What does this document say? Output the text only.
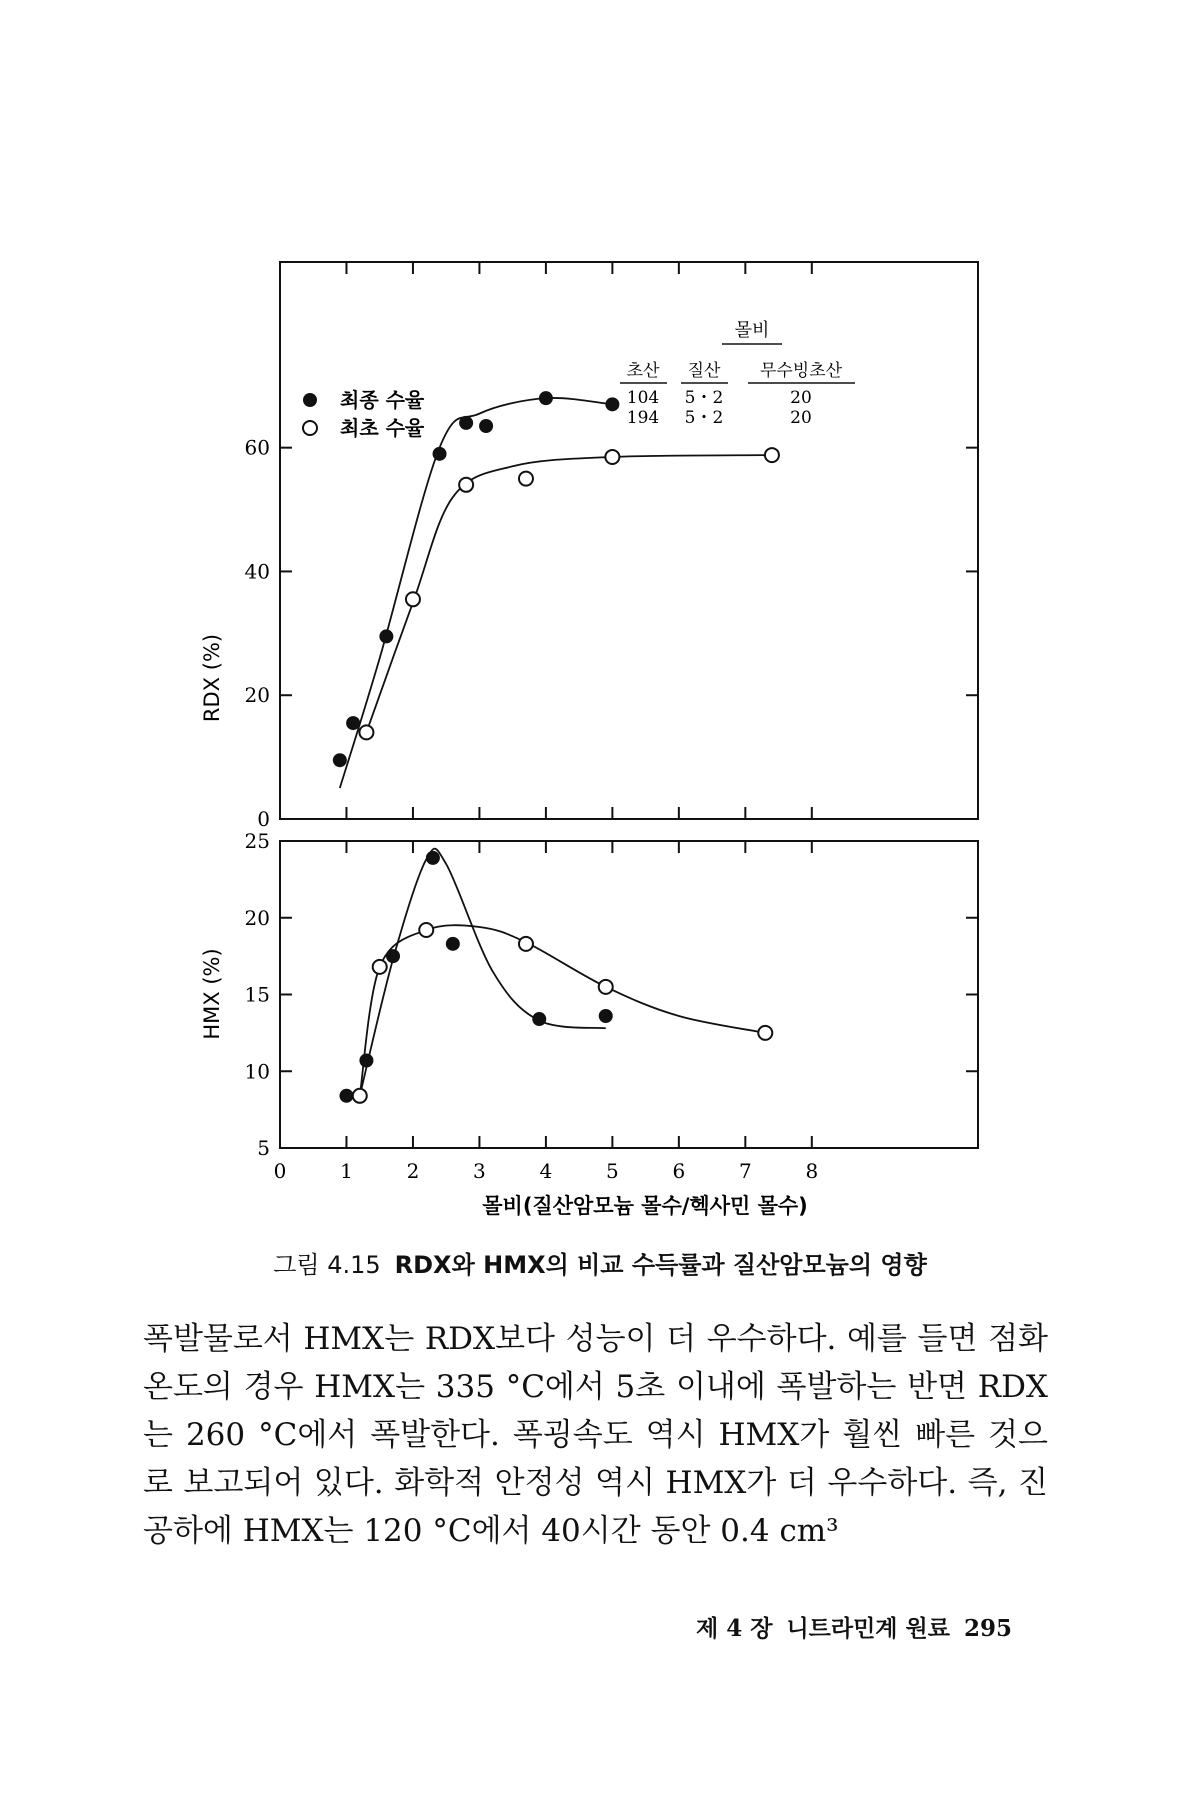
0
20
40
60
RDX (%)
최종 수율
최초 수율
몰비
초산 질산 무수빙초산
104 5・2	20
194 5・2	20
5
10
15
20
25
0	1	2	3	4	5	6	7	8
HMX (%)
몰비(질산암모늄 몰수/헥사민 몰수)
그림 4.15 RDX와 HMX의 비교 수득률과 질산암모늄의 영향

폭발물로서 HMX는 RDX보다 성능이 더 우수하다. 예를 들면 점화온도의 경우 HMX는 335 °C에서 5초 이내에 폭발하는 반면 RDX는 260 °C에서 폭발한다. 폭굉속도 역시 HMX가 훨씬 빠른 것으로 보고되어 있다. 화학적 안정성 역시 HMX가 더 우수하다. 즉, 진공하에 HMX는 120 °C에서 40시간 동안 0.4 cm³

제 4 장 니트라민계 원료 295
